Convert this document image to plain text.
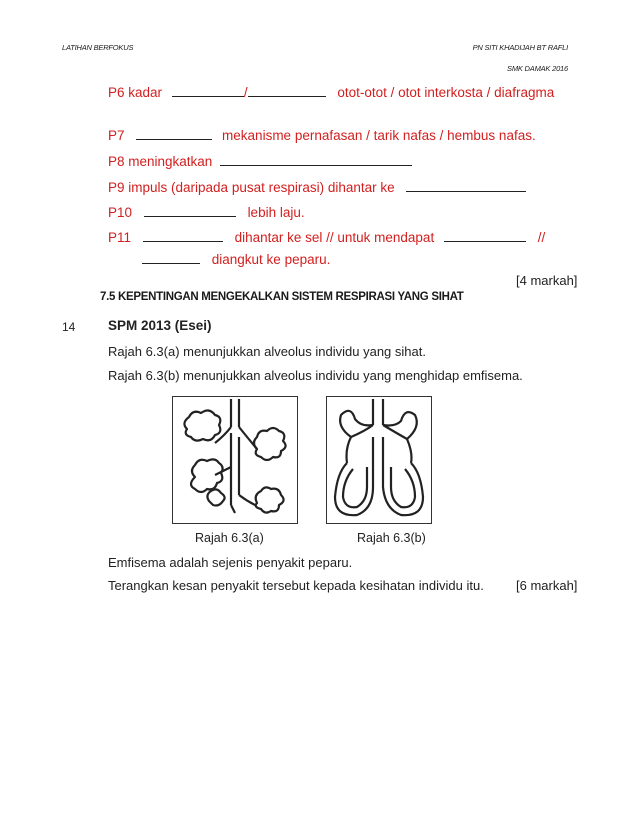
LATIHAN BERFOKUS	PN SITI KHADIJAH BT RAFLI
SMK DAMAK 2016
P6 kadar	/	otot-otot / otot interkosta / diafragma
P7	mekanisme pernafasan / tarik nafas / hembus nafas.
P8 meningkatkan
P9 impuls (daripada pusat respirasi) dihantar ke
P10	lebih laju.
P11	dihantar ke sel // untuk mendapat	//
diangkut ke peparu.
[4 markah]
7.5 KEPENTINGAN MENGEKALKAN SISTEM RESPIRASI YANG SIHAT
14 SPM 2013 (Esei)
Rajah 6.3(a) menunjukkan alveolus individu yang sihat.
Rajah 6.3(b) menunjukkan alveolus individu yang menghidap emfisema.
Rajah 6.3(a)	Rajah 6.3(b)
Emfisema adalah sejenis penyakit peparu.
Terangkan kesan penyakit tersebut kepada kesihatan individu itu. [6 markah]
